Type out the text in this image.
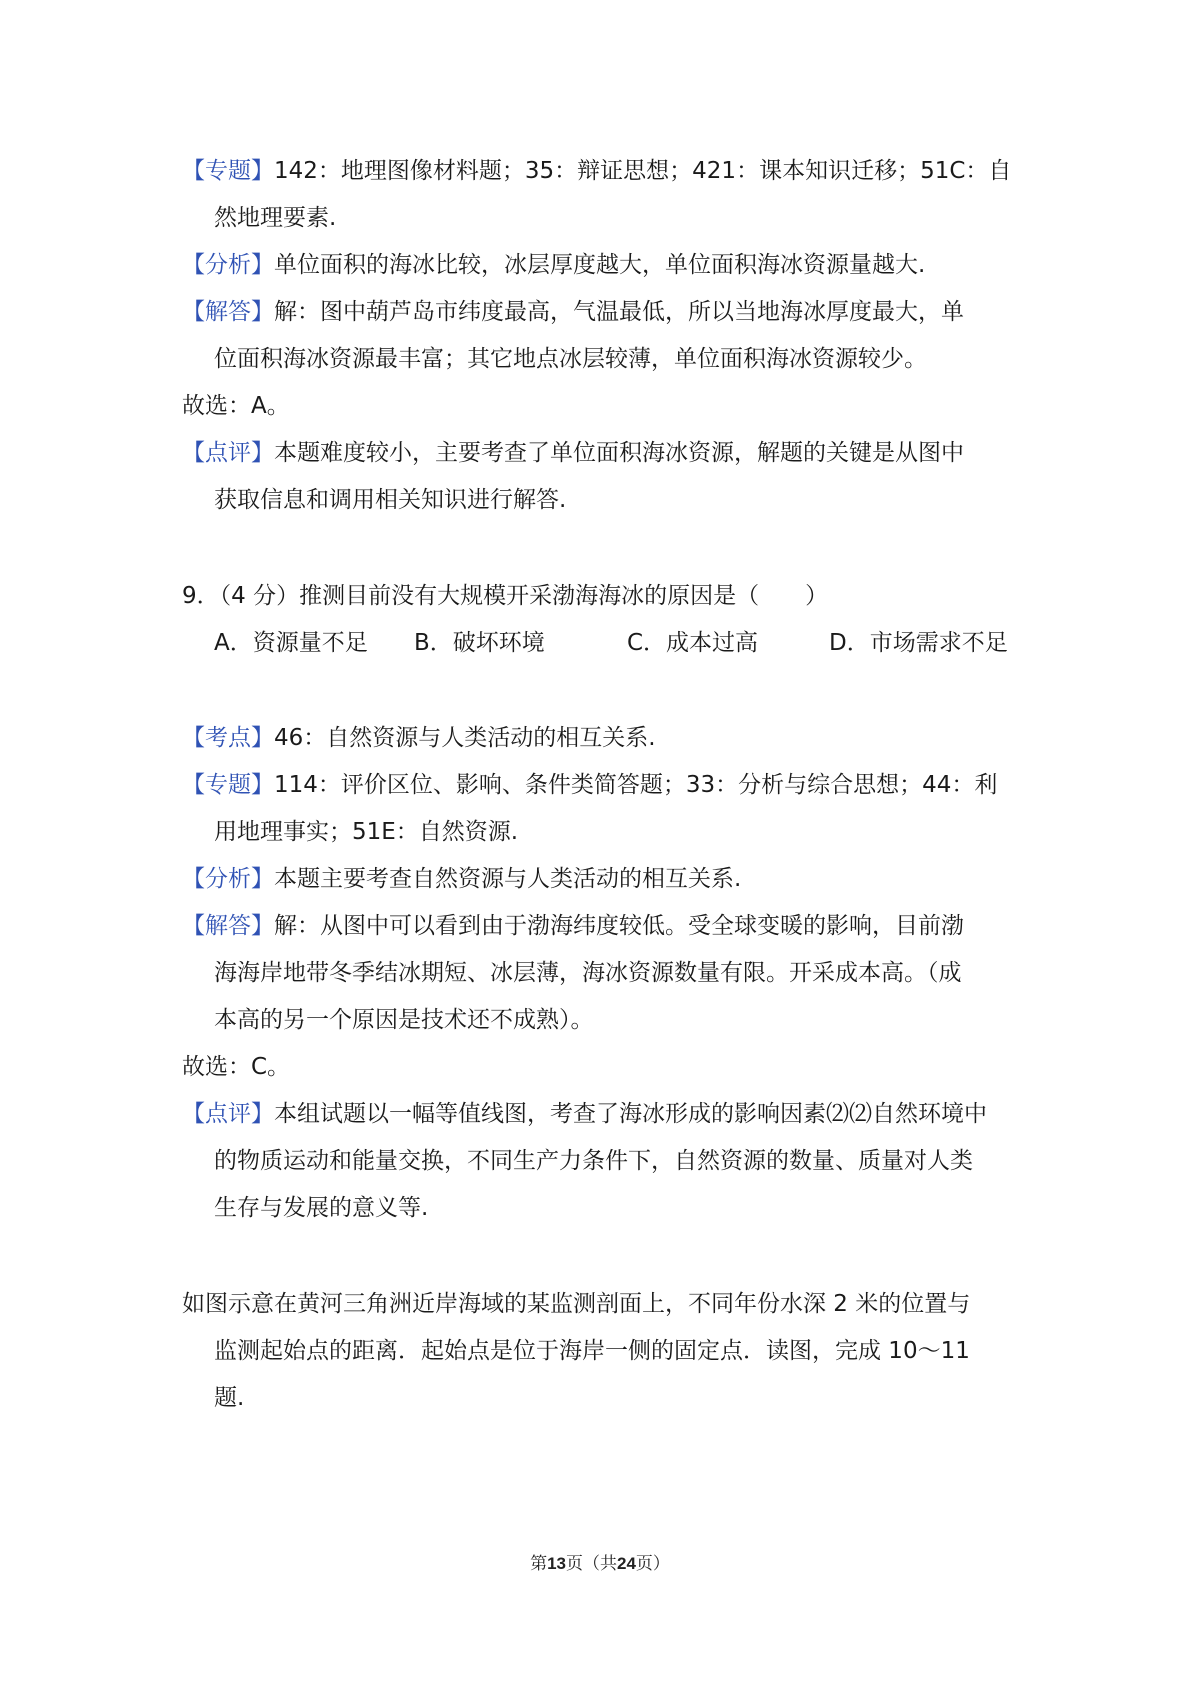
【专题】142：地理图像材料题；35：辩证思想；421：课本知识迁移；51C：自
然地理要素.
【分析】单位面积的海冰比较，冰层厚度越大，单位面积海冰资源量越大.
【解答】解：图中葫芦岛市纬度最高，气温最低，所以当地海冰厚度最大，单
位面积海冰资源最丰富；其它地点冰层较薄，单位面积海冰资源较少。
故选：A。
【点评】本题难度较小，主要考查了单位面积海冰资源，解题的关键是从图中
获取信息和调用相关知识进行解答.
9．（4 分）推测目前没有大规模开采渤海海冰的原因是（　　）
A．资源量不足 B．破坏环境	C．成本过高	D．市场需求不足
【考点】46：自然资源与人类活动的相互关系.
【专题】114：评价区位、影响、条件类简答题；33：分析与综合思想；44：利
用地理事实；51E：自然资源.
【分析】本题主要考查自然资源与人类活动的相互关系.
【解答】解：从图中可以看到由于渤海纬度较低。受全球变暖的影响，目前渤
海海岸地带冬季结冰期短、冰层薄，海冰资源数量有限。开采成本高。（成
本高的另一个原因是技术还不成熟）。
故选：C。
【点评】本组试题以一幅等值线图，考查了海冰形成的影响因素⑵⑵自然环境中
的物质运动和能量交换，不同生产力条件下，自然资源的数量、质量对人类
生存与发展的意义等.
如图示意在黄河三角洲近岸海域的某监测剖面上，不同年份水深 2 米的位置与
监测起始点的距离．起始点是位于海岸一侧的固定点．读图，完成 10～11
题.
第13页（共24页）
